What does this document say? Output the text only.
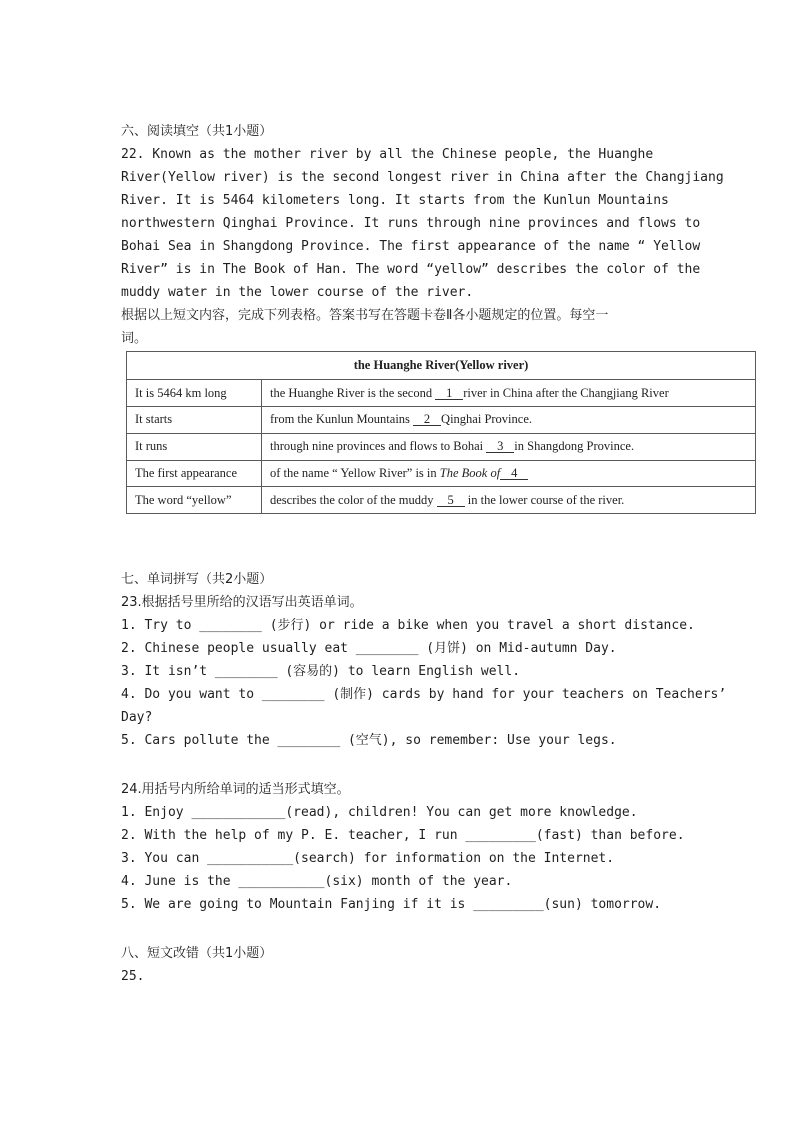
六、阅读填空（共1小题）
22. Known as the mother river by all the Chinese people, the Huanghe
River(Yellow river) is the second longest river in China after the Changjiang
River. It is 5464 kilometers long. It starts from the Kunlun Mountains
northwestern Qinghai Province. It runs through nine provinces and flows to
Bohai Sea in Shangdong Province. The first appearance of the name “ Yellow
River” is in The Book of Han. The word “yellow” describes the color of the
muddy water in the lower course of the river.
根据以上短文内容，完成下列表格。答案书写在答题卡卷Ⅱ各小题规定的位置。每空一
词。
the Huanghe River(Yellow river)	
It is 5464 km long	the Huanghe River is the second 1 river in China after the Changjiang River
It starts	from the Kunlun Mountains 2 Qinghai Province.
It runs	through nine provinces and flows to Bohai 3 in Shangdong Province.
The first appearance	of the name “ Yellow River” is in The Book of 4
The word “yellow”	describes the color of the muddy 5 in the lower course of the river.
七、单词拼写（共2小题）
23.根据括号里所给的汉语写出英语单词。
1. Try to ________ (步行) or ride a bike when you travel a short distance.
2. Chinese people usually eat ________ (月饼) on Mid-autumn Day.
3. It isn’t ________ (容易的) to learn English well.
4. Do you want to ________ (制作) cards by hand for your teachers on Teachers’
Day?
5. Cars pollute the ________ (空气), so remember: Use your legs.
24.用括号内所给单词的适当形式填空。
1. Enjoy ____________(read), children! You can get more knowledge.
2. With the help of my P. E. teacher, I run _________(fast) than before.
3. You can ___________(search) for information on the Internet.
4. June is the ___________(six) month of the year.
5. We are going to Mountain Fanjing if it is _________(sun) tomorrow.
八、短文改错（共1小题）
25.
